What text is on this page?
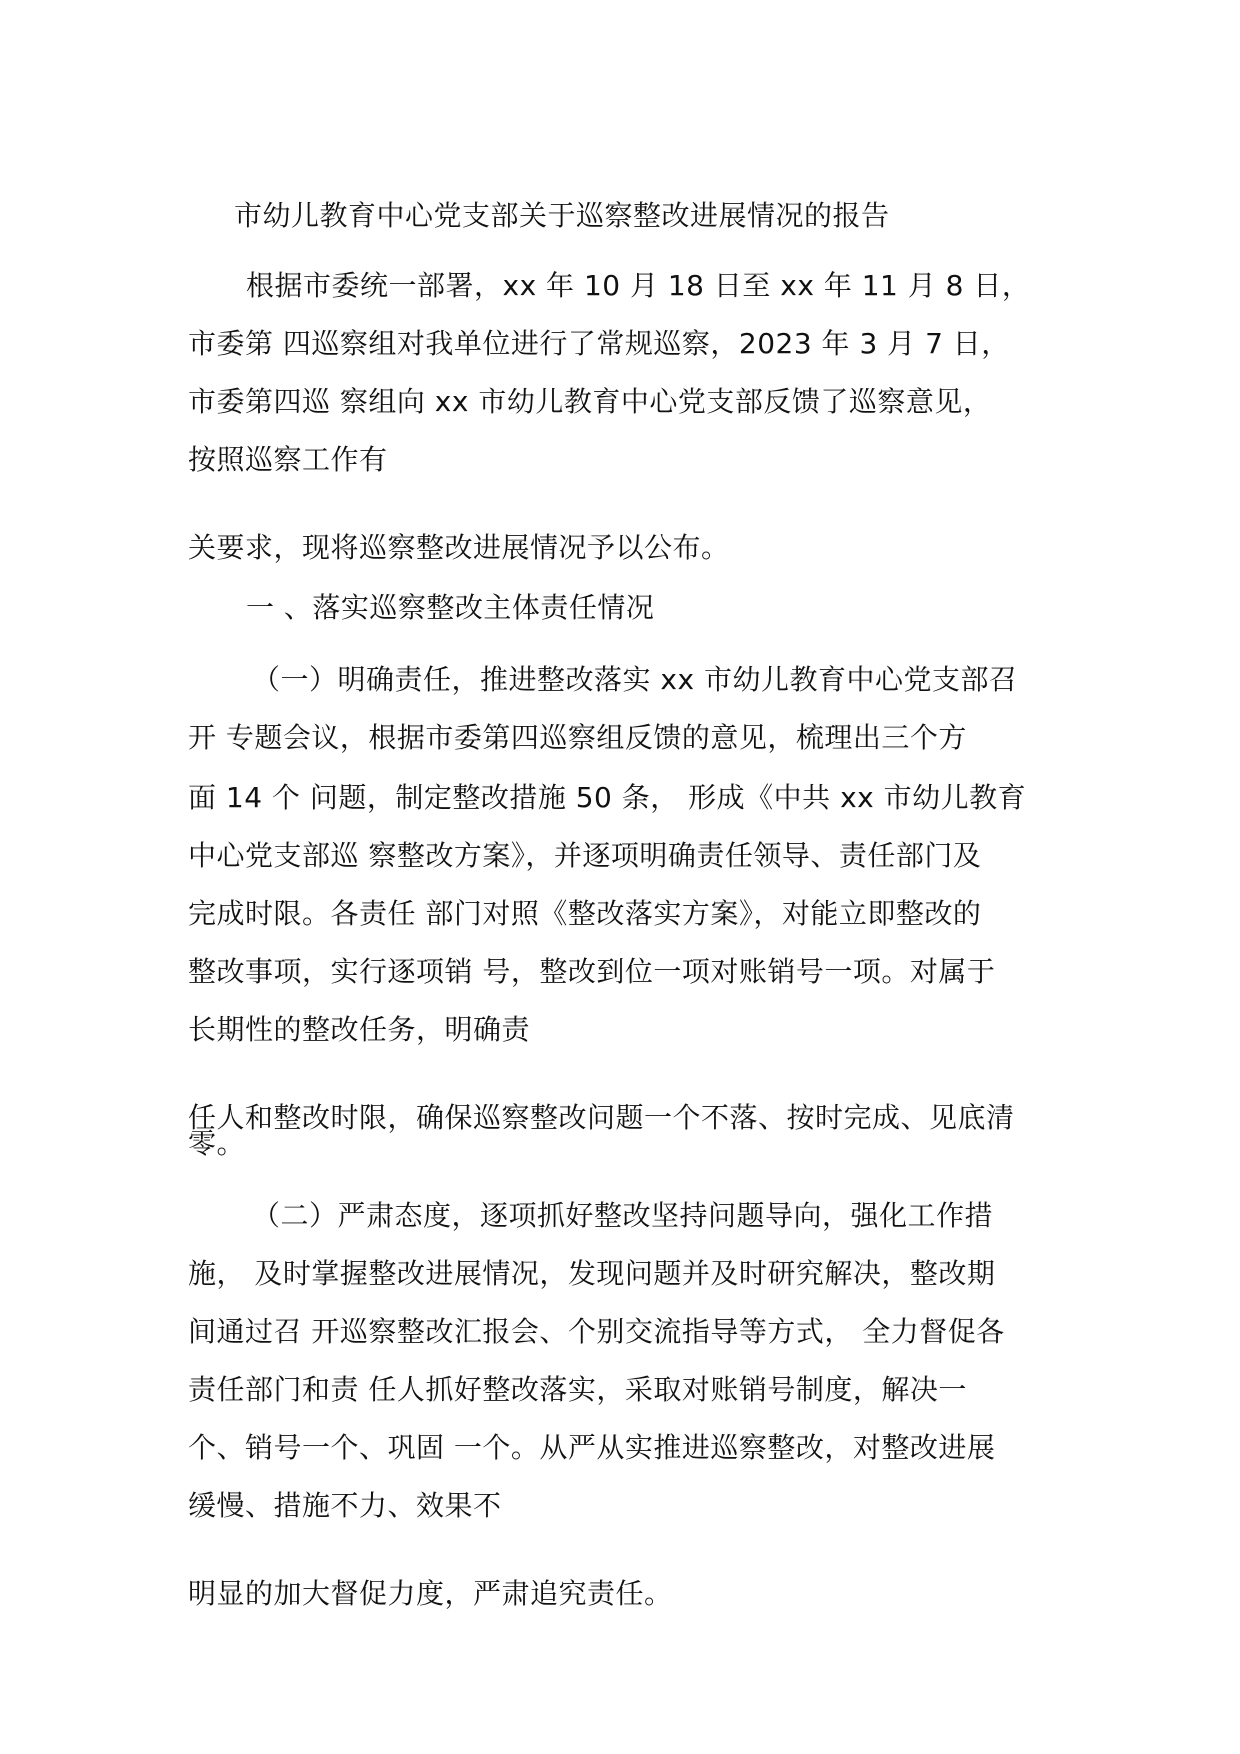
市幼儿教育中心党支部关于巡察整改进展情况的报告
根据市委统一部署，xx 年 10 月 18 日至 xx 年 11 月 8 日，
市委第 四巡察组对我单位进行了常规巡察，2023 年 3 月 7 日，
市委第四巡 察组向 xx 市幼儿教育中心党支部反馈了巡察意见，
按照巡察工作有
关要求，现将巡察整改进展情况予以公布。
一 、落实巡察整改主体责任情况
（一）明确责任，推进整改落实 xx 市幼儿教育中心党支部召
开 专题会议，根据市委第四巡察组反馈的意见，梳理出三个方
面 14 个 问题，制定整改措施 50 条， 形成《中共 xx 市幼儿教育
中心党支部巡 察整改方案》，并逐项明确责任领导、责任部门及
完成时限。各责任 部门对照《整改落实方案》，对能立即整改的
整改事项，实行逐项销 号，整改到位一项对账销号一项。对属于
长期性的整改任务，明确责
任人和整改时限，确保巡察整改问题一个不落、按时完成、见底清
零。
（二）严肃态度，逐项抓好整改坚持问题导向，强化工作措
施， 及时掌握整改进展情况，发现问题并及时研究解决，整改期
间通过召 开巡察整改汇报会、个别交流指导等方式， 全力督促各
责任部门和责 任人抓好整改落实，采取对账销号制度，解决一
个、销号一个、巩固 一个。从严从实推进巡察整改，对整改进展
缓慢、措施不力、效果不
明显的加大督促力度，严肃追究责任。
